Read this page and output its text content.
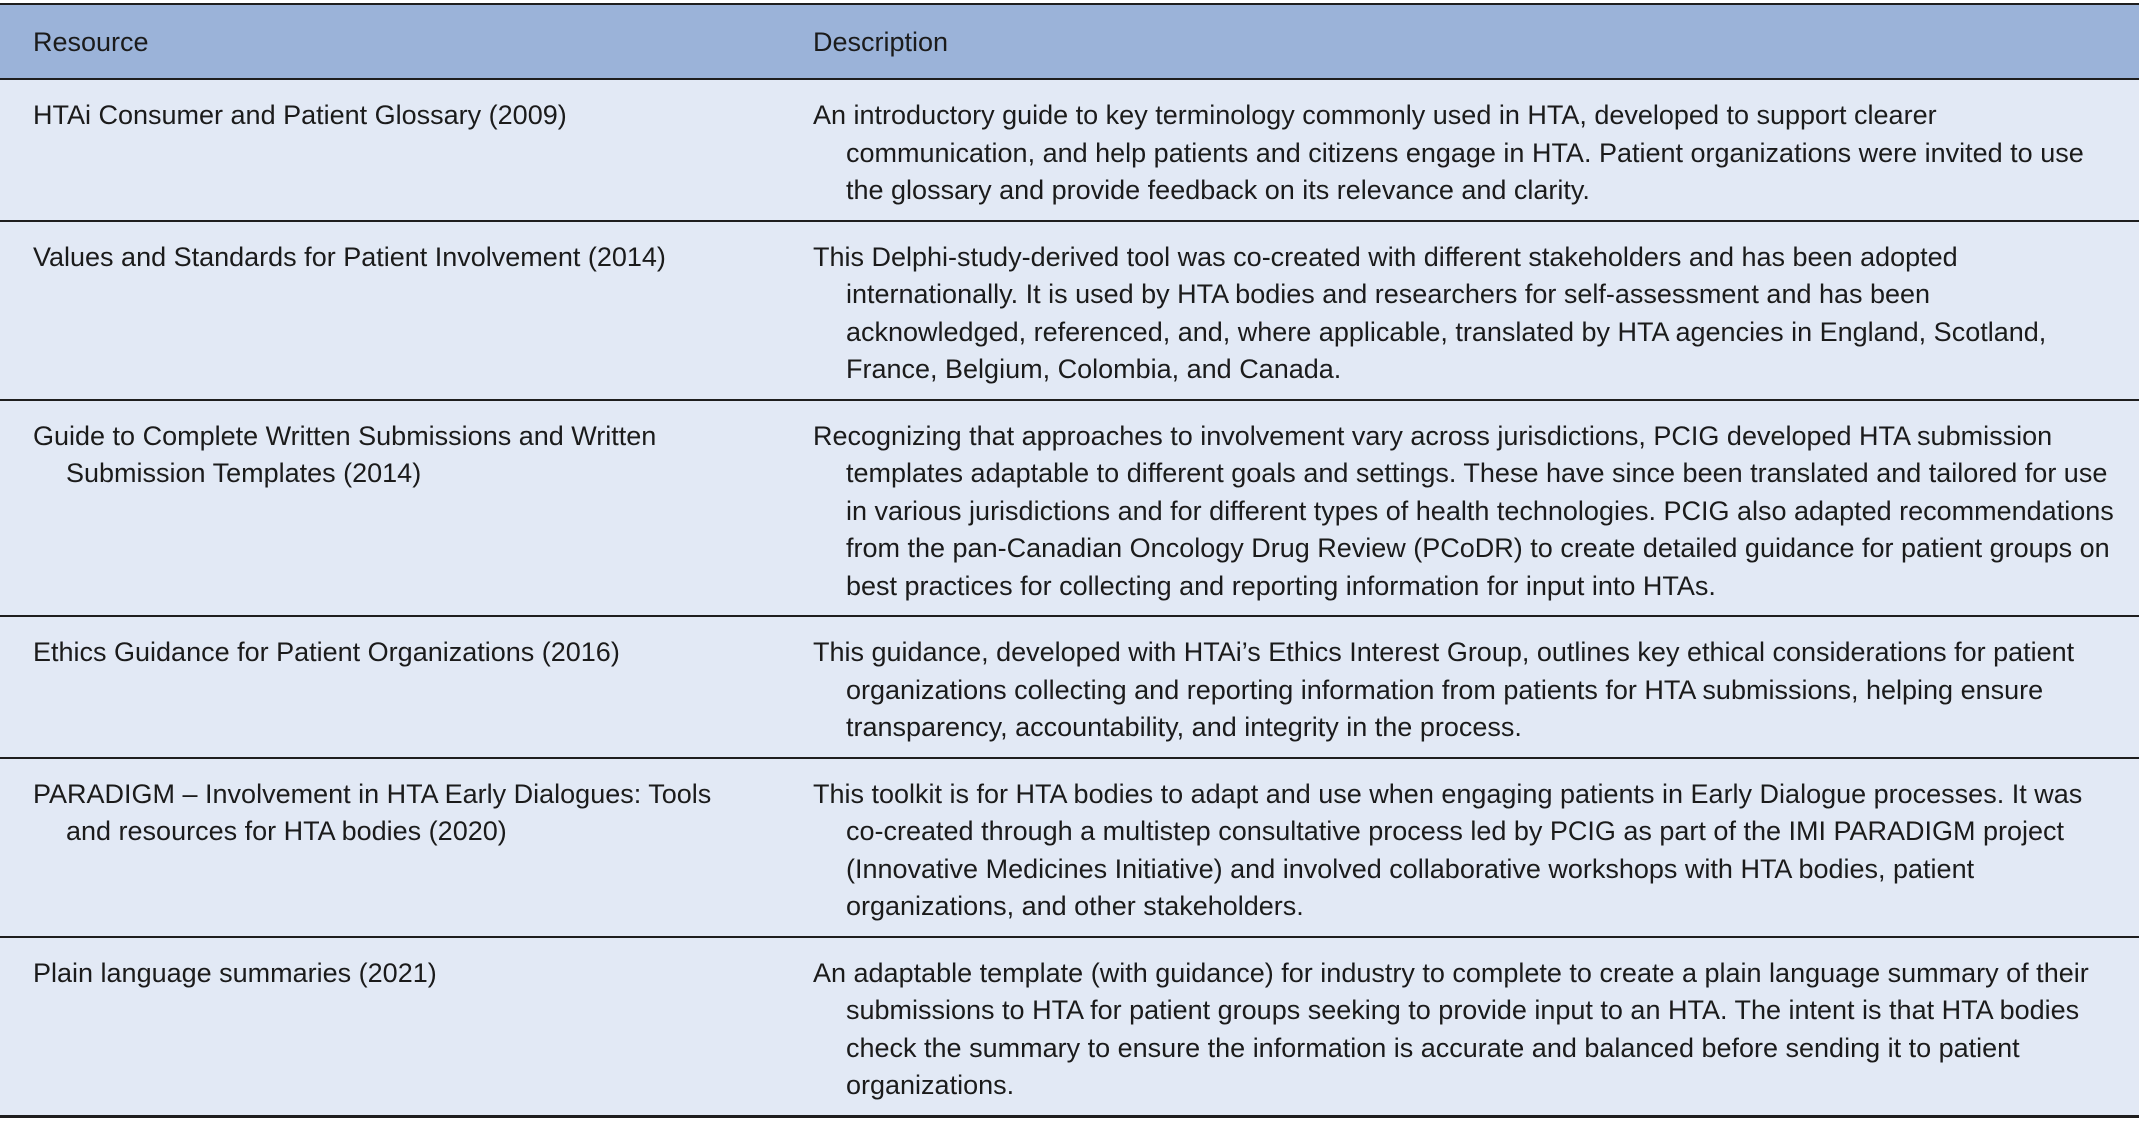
Resource	Description
HTAi Consumer and Patient Glossary (2009)	An introductory guide to key terminology commonly used in HTA, developed to support clearer communication, and help patients and citizens engage in HTA. Patient organizations were invited to use the glossary and provide feedback on its relevance and clarity.
Values and Standards for Patient Involvement (2014)	This Delphi-study-derived tool was co-created with different stakeholders and has been adopted internationally. It is used by HTA bodies and researchers for self-assessment and has been acknowledged, referenced, and, where applicable, translated by HTA agencies in England, Scotland, France, Belgium, Colombia, and Canada.
Guide to Complete Written Submissions and Written Submission Templates (2014)	Recognizing that approaches to involvement vary across jurisdictions, PCIG developed HTA submission templates adaptable to different goals and settings. These have since been translated and tailored for use in various jurisdictions and for different types of health technologies. PCIG also adapted recommendations from the pan-Canadian Oncology Drug Review (PCoDR) to create detailed guidance for patient groups on best practices for collecting and reporting information for input into HTAs.
Ethics Guidance for Patient Organizations (2016)	This guidance, developed with HTAi’s Ethics Interest Group, outlines key ethical considerations for patient organizations collecting and reporting information from patients for HTA submissions, helping ensure transparency, accountability, and integrity in the process.
PARADIGM – Involvement in HTA Early Dialogues: Tools and resources for HTA bodies (2020)	This toolkit is for HTA bodies to adapt and use when engaging patients in Early Dialogue processes. It was co-created through a multistep consultative process led by PCIG as part of the IMI PARADIGM project (Innovative Medicines Initiative) and involved collaborative workshops with HTA bodies, patient organizations, and other stakeholders.
Plain language summaries (2021)	An adaptable template (with guidance) for industry to complete to create a plain language summary of their submissions to HTA for patient groups seeking to provide input to an HTA. The intent is that HTA bodies check the summary to ensure the information is accurate and balanced before sending it to patient organizations.
